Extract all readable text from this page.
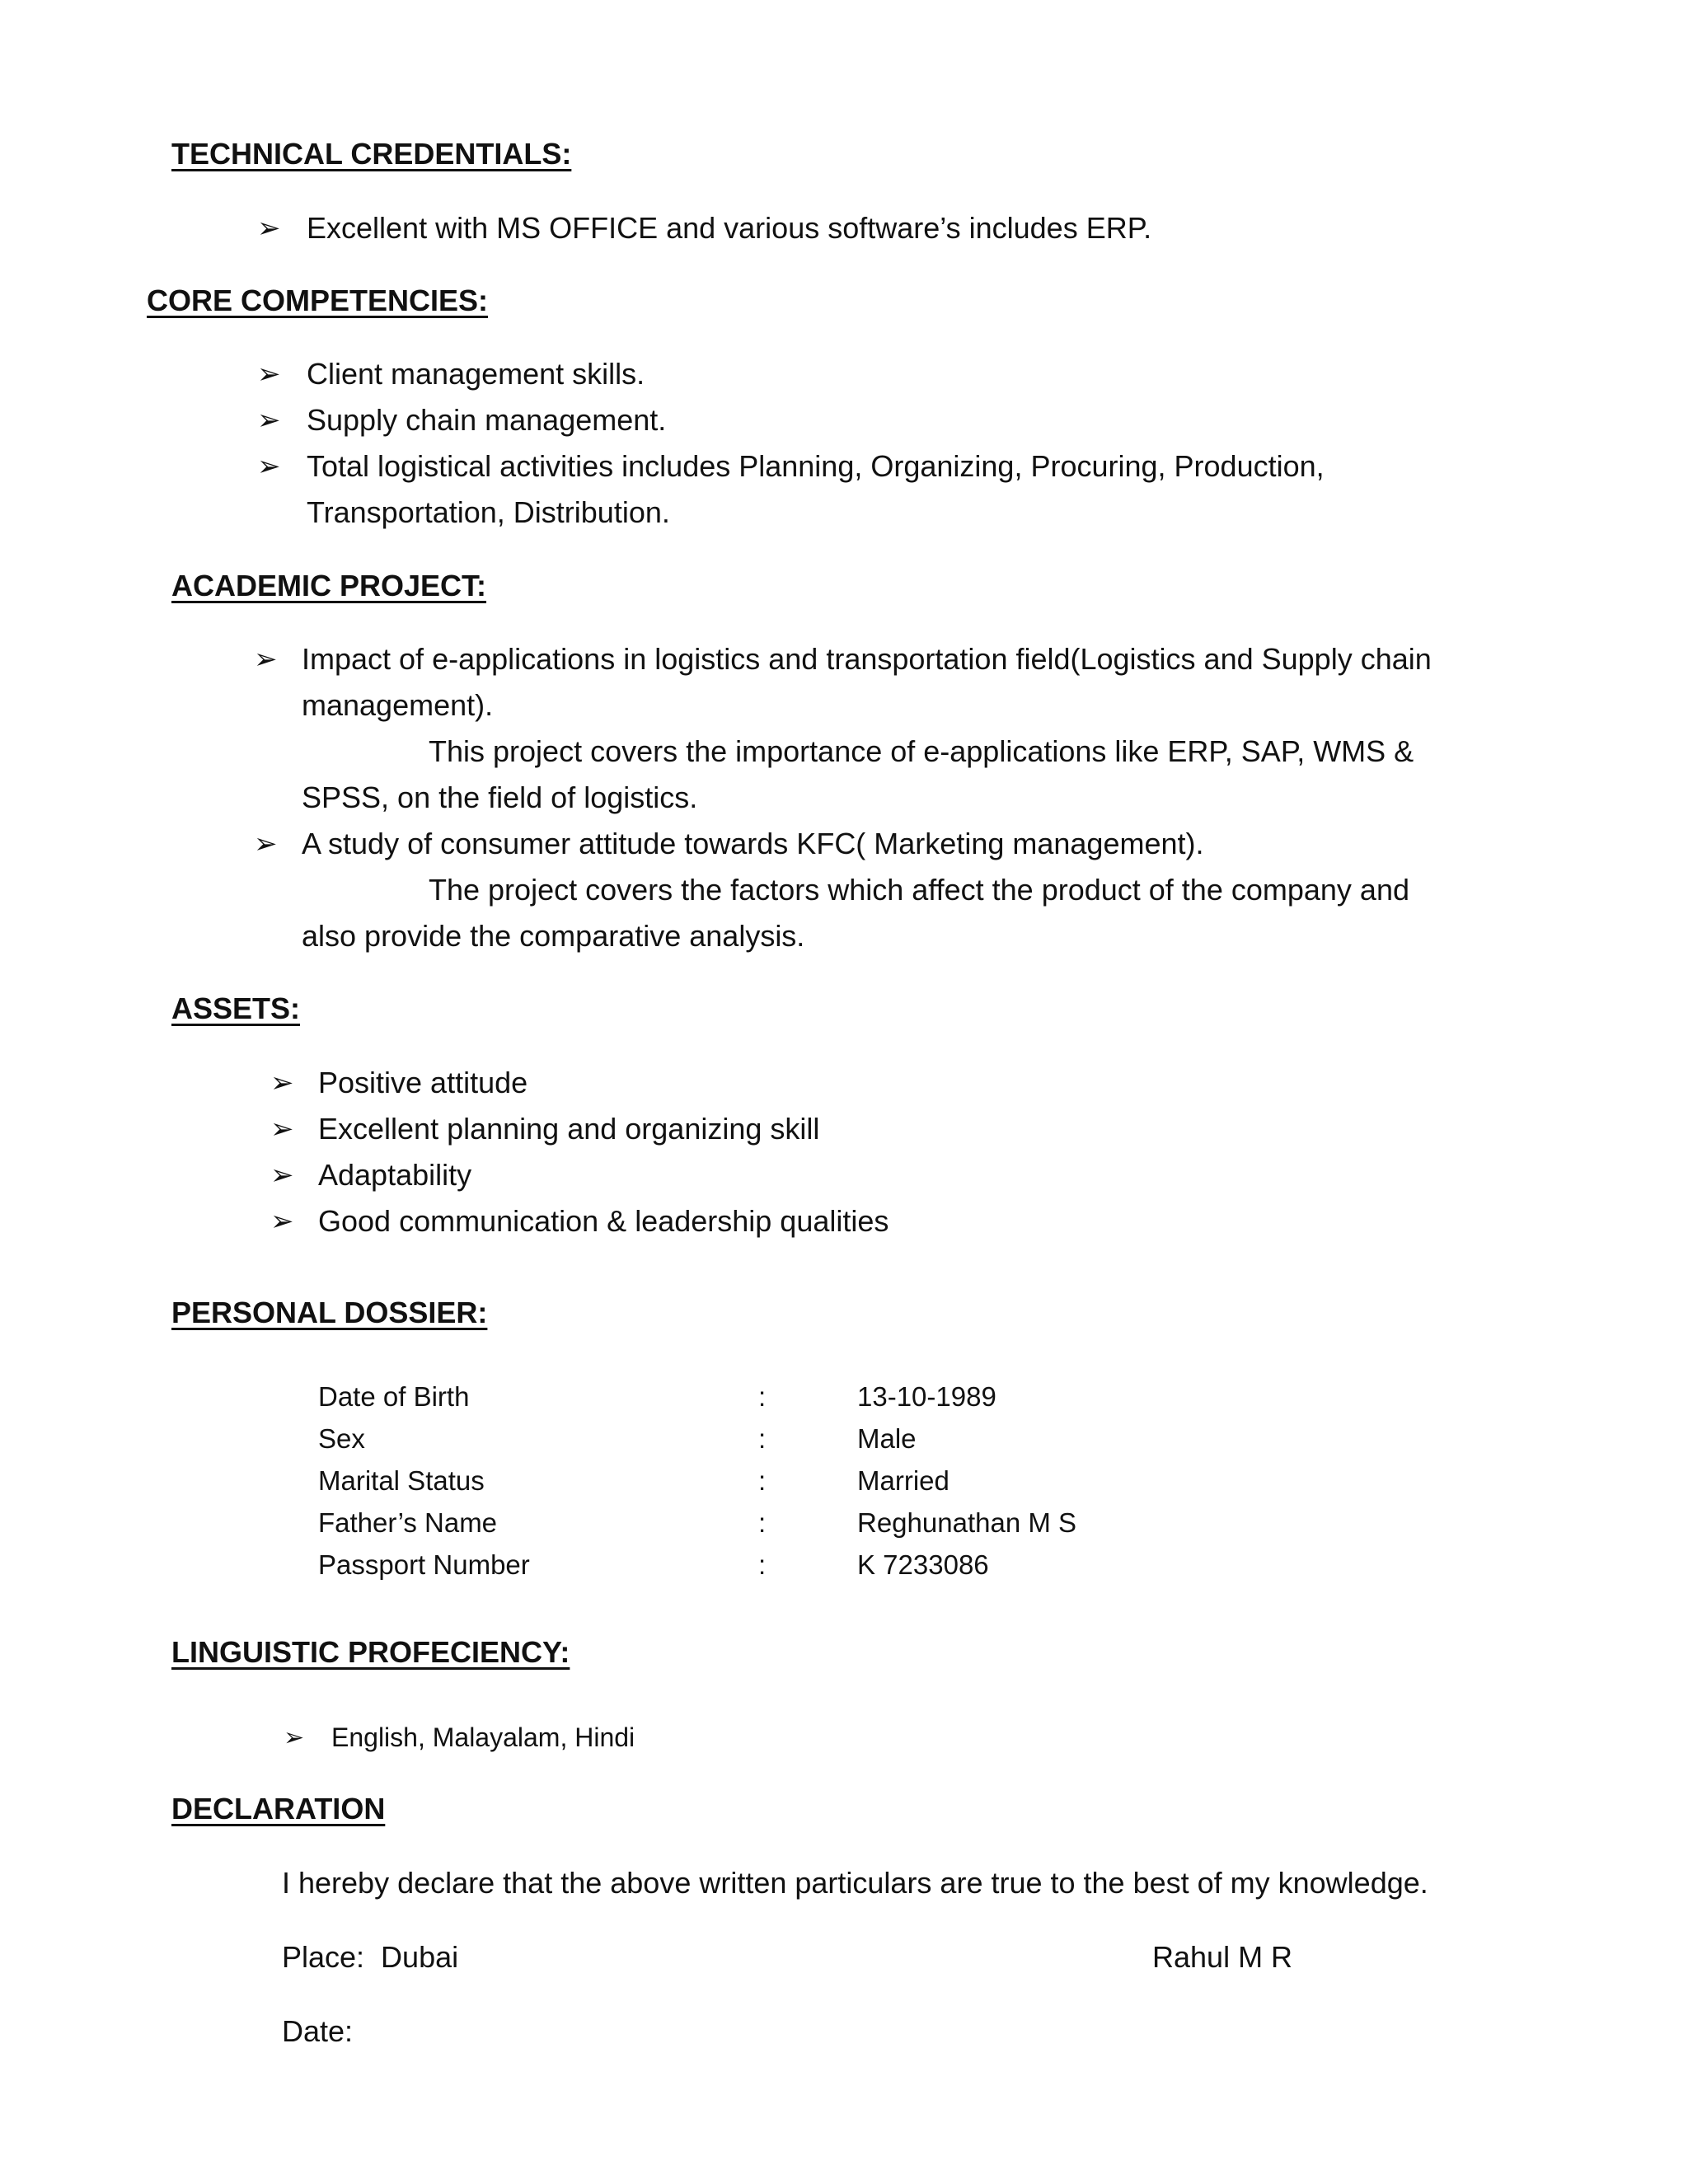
TECHNICAL CREDENTIALS:
➢ Excellent with MS OFFICE and various software’s includes ERP.
CORE COMPETENCIES:
➢ Client management skills.
➢ Supply chain management.
➢ Total logistical activities includes Planning, Organizing, Procuring, Production,
Transportation, Distribution.
ACADEMIC PROJECT:
➢ Impact of e-applications in logistics and transportation field(Logistics and Supply chain
management).
This project covers the importance of e-applications like ERP, SAP, WMS &
SPSS, on the field of logistics.
➢ A study of consumer attitude towards KFC( Marketing management).
The project covers the factors which affect the product of the company and
also provide the comparative analysis.
ASSETS:
➢ Positive attitude
➢ Excellent planning and organizing skill
➢ Adaptability
➢ Good communication & leadership qualities
PERSONAL DOSSIER:
Date of Birth	:	13-10-1989
Sex	:	Male
Marital Status	:	Married
Father’s Name	:	Reghunathan M S
Passport Number	:	K 7233086
LINGUISTIC PROFECIENCY:
➢ English, Malayalam, Hindi
DECLARATION
I hereby declare that the above written particulars are true to the best of my knowledge.
Place:  Dubai	Rahul M R
Date:
